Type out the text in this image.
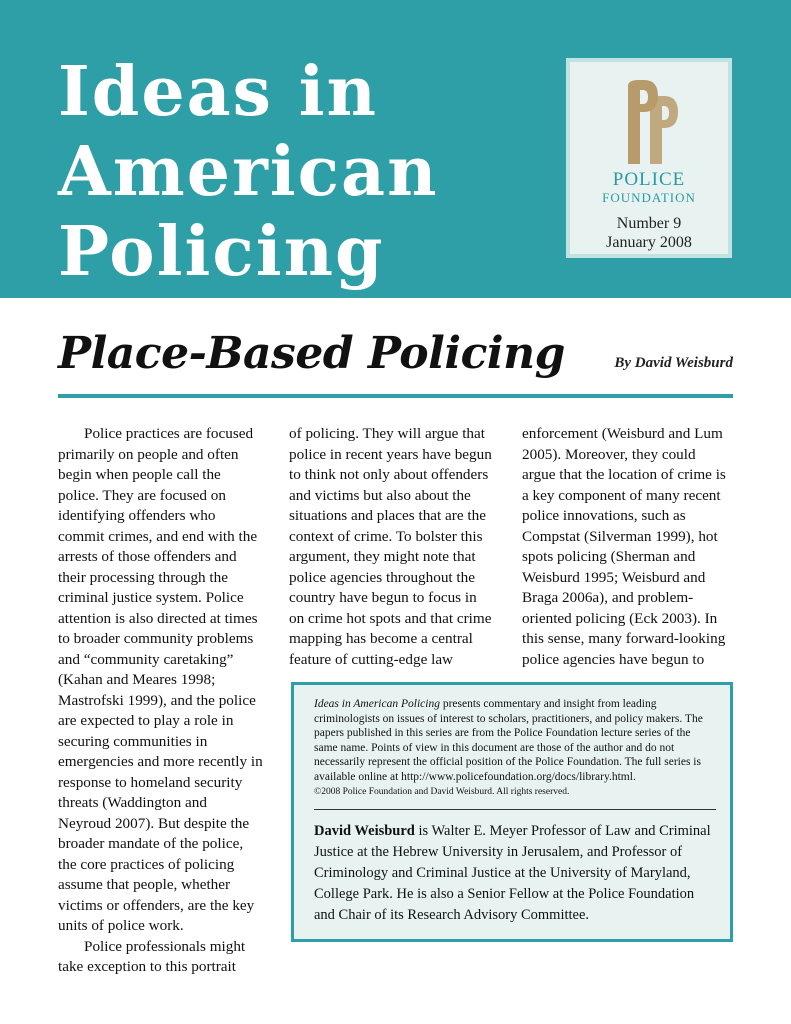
Ideas in
American
Policing
POLICE
FOUNDATION
Number 9
January 2008
Place-Based Policing	By David Weisburd

Police practices are focused primarily on people and often begin when people call the police. They are focused on identifying offenders who commit crimes, and end with the arrests of those offenders and their processing through the criminal justice system. Police attention is also directed at times to broader community problems and “community caretaking” (Kahan and Meares 1998; Mastrofski 1999), and the police are expected to play a role in securing communities in emergencies and more recently in response to homeland security threats (Waddington and Neyroud 2007). But despite the broader mandate of the police, the core practices of policing assume that people, whether victims or offenders, are the key units of police work.

Police professionals might take exception to this portrait

of policing. They will argue that police in recent years have begun to think not only about offenders and victims but also about the situations and places that are the context of crime. To bolster this argument, they might note that police agencies throughout the country have begun to focus in on crime hot spots and that crime mapping has become a central feature of cutting-edge law

enforcement (Weisburd and Lum 2005). Moreover, they could argue that the location of crime is a key component of many recent police innovations, such as Compstat (Silverman 1999), hot spots policing (Sherman and Weisburd 1995; Weisburd and Braga 2006a), and problem-oriented policing (Eck 2003). In this sense, many forward-looking police agencies have begun to

Ideas in American Policing presents commentary and insight from leading criminologists on issues of interest to scholars, practitioners, and policy makers. The papers published in this series are from the Police Foundation lecture series of the same name. Points of view in this document are those of the author and do not necessarily represent the official position of the Police Foundation. The full series is available online at http://www.policefoundation.org/docs/library.html.
©2008 Police Foundation and David Weisburd. All rights reserved.
David Weisburd is Walter E. Meyer Professor of Law and Criminal Justice at the Hebrew University in Jerusalem, and Professor of Criminology and Criminal Justice at the University of Maryland, College Park. He is also a Senior Fellow at the Police Foundation and Chair of its Research Advisory Committee.
